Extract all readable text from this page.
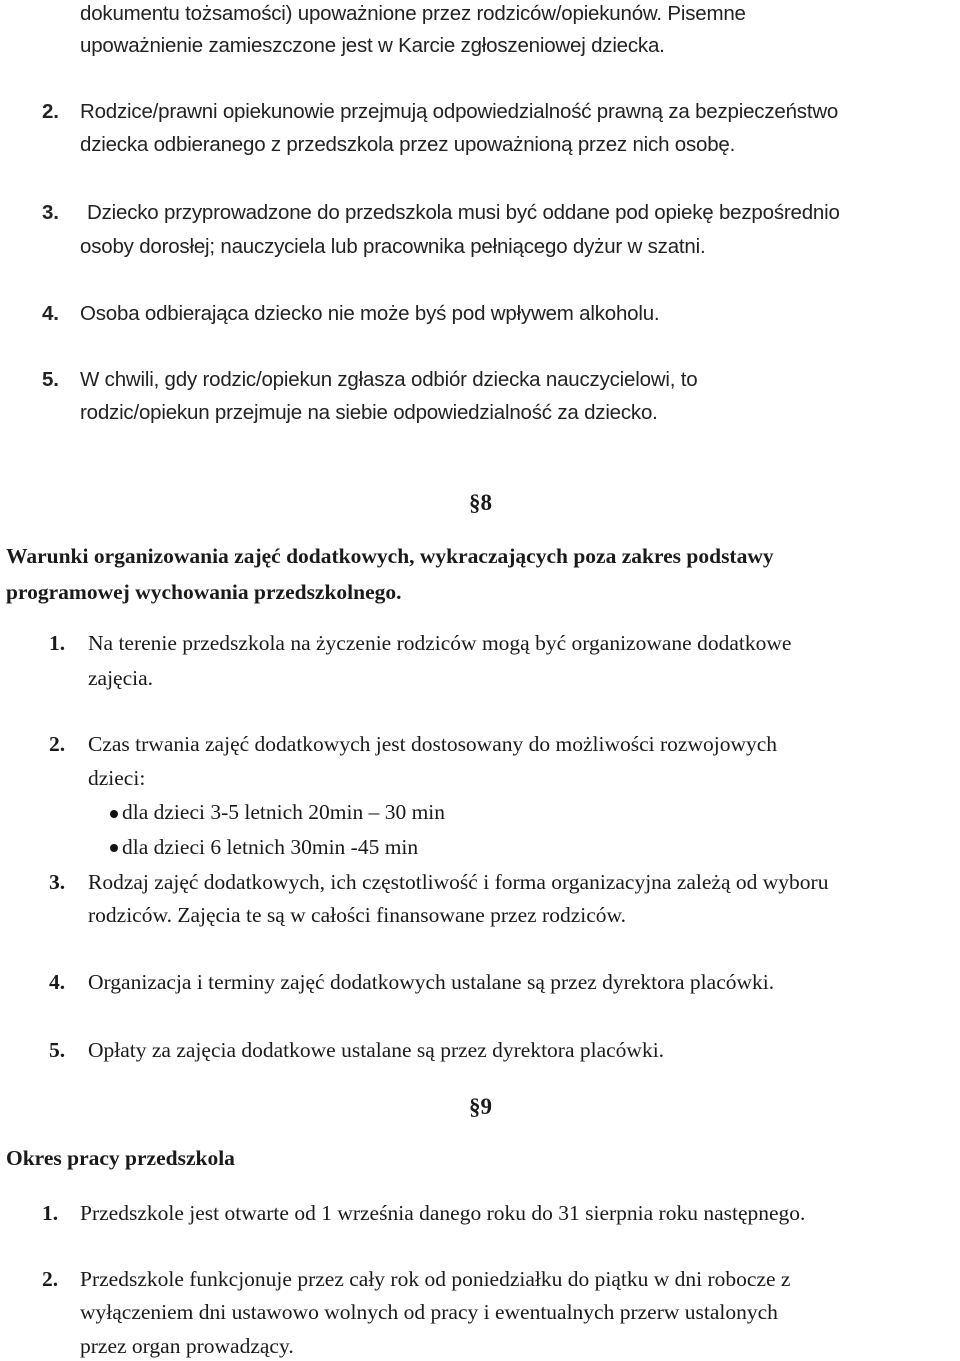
dokumentu tożsamości) upoważnione przez rodziców/opiekunów. Pisemne
upoważnienie zamieszczone jest w Karcie zgłoszeniowej dziecka.
2. Rodzice/prawni opiekunowie przejmują odpowiedzialność prawną za bezpieczeństwo
dziecka odbieranego z przedszkola przez upoważnioną przez nich osobę.
3. Dziecko przyprowadzone do przedszkola musi być oddane pod opiekę bezpośrednio
osoby dorosłej; nauczyciela lub pracownika pełniącego dyżur w szatni.
4. Osoba odbierająca dziecko nie może byś pod wpływem alkoholu.
5. W chwili, gdy rodzic/opiekun zgłasza odbiór dziecka nauczycielowi, to
rodzic/opiekun przejmuje na siebie odpowiedzialność za dziecko.
§8
Warunki organizowania zajęć dodatkowych, wykraczających poza zakres podstawy
programowej wychowania przedszkolnego.
1. Na terenie przedszkola na życzenie rodziców mogą być organizowane dodatkowe
zajęcia.
2. Czas trwania zajęć dodatkowych jest dostosowany do możliwości rozwojowych
dzieci:
dla dzieci 3-5 letnich 20min – 30 min
dla dzieci 6 letnich 30min -45 min
3. Rodzaj zajęć dodatkowych, ich częstotliwość i forma organizacyjna zależą od wyboru
rodziców. Zajęcia te są w całości finansowane przez rodziców.
4. Organizacja i terminy zajęć dodatkowych ustalane są przez dyrektora placówki.
5. Opłaty za zajęcia dodatkowe ustalane są przez dyrektora placówki.
§9
Okres pracy przedszkola
1. Przedszkole jest otwarte od 1 września danego roku do 31 sierpnia roku następnego.
2. Przedszkole funkcjonuje przez cały rok od poniedziałku do piątku w dni robocze z
wyłączeniem dni ustawowo wolnych od pracy i ewentualnych przerw ustalonych
przez organ prowadzący.
